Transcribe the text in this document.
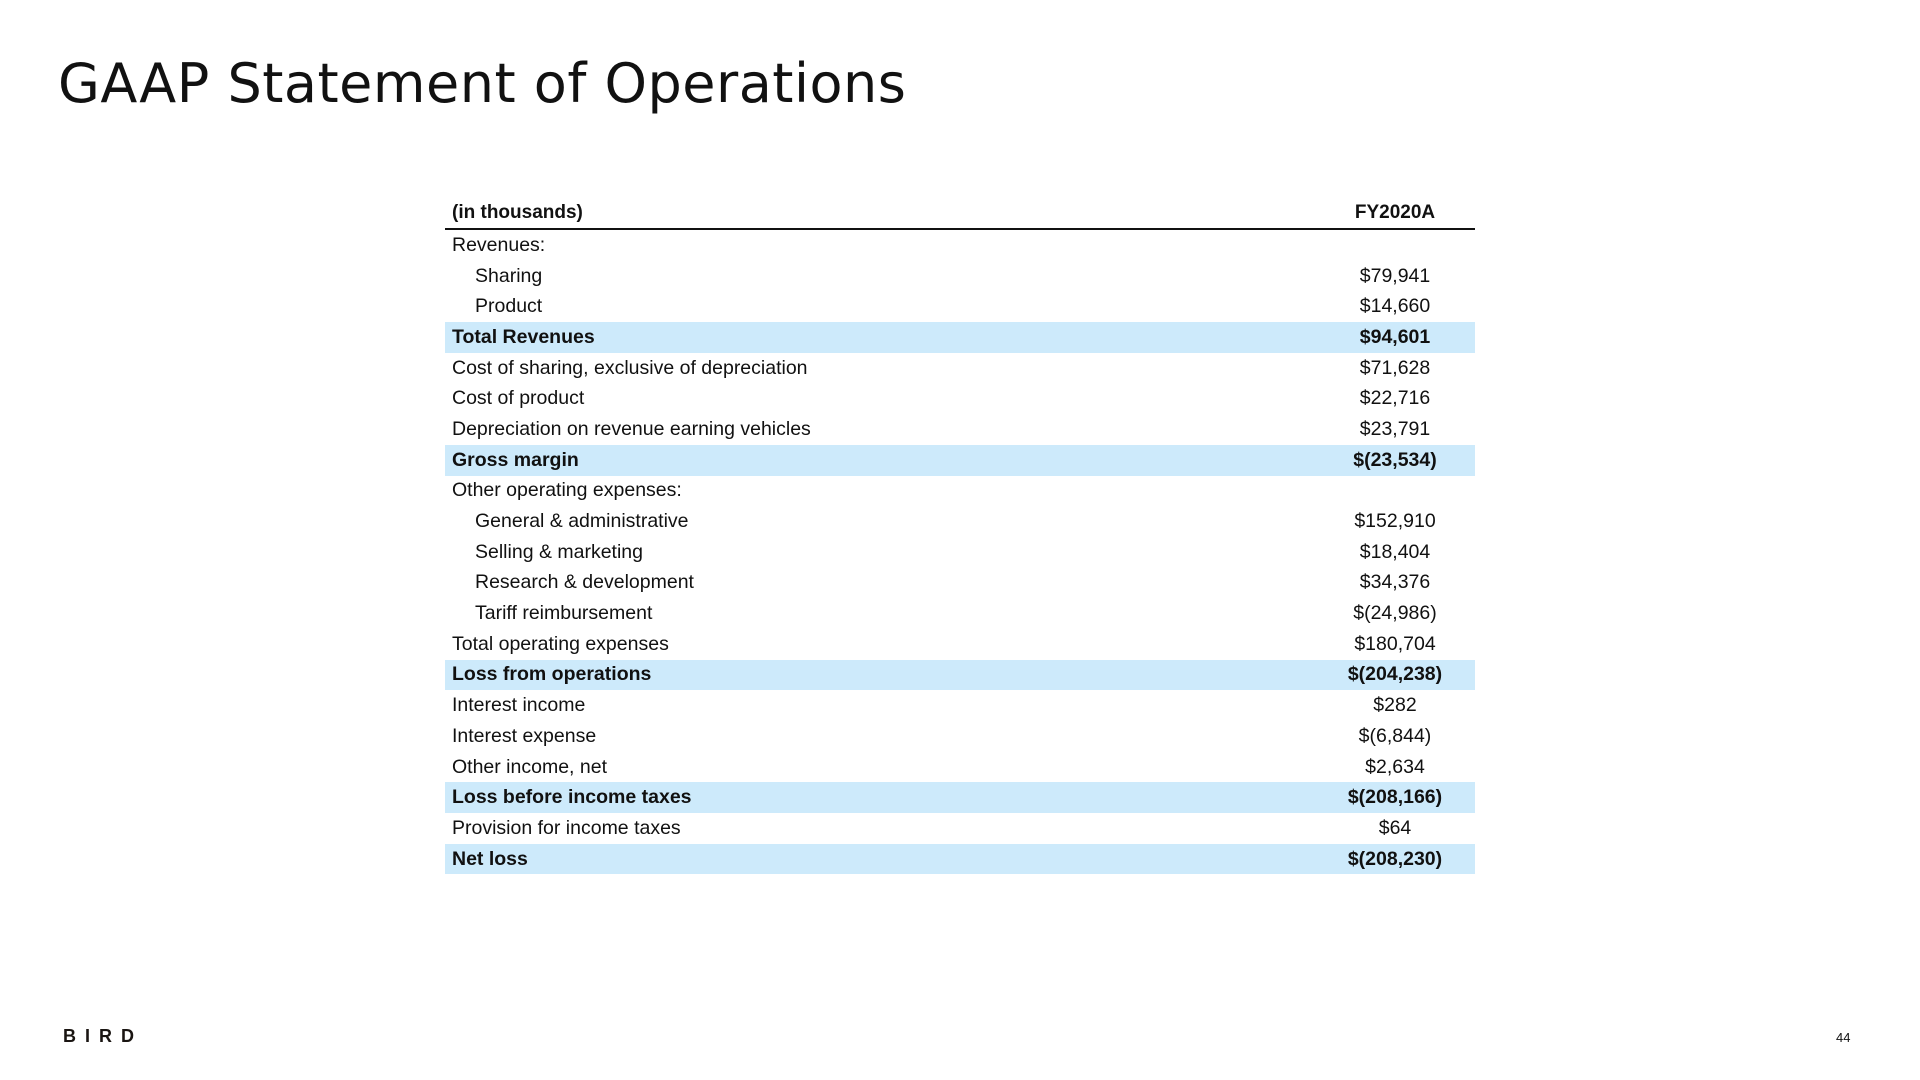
GAAP Statement of Operations
(in thousands)	FY2020A
Revenues:
Sharing	$79,941
Product	$14,660
Total Revenues	$94,601
Cost of sharing, exclusive of depreciation	$71,628
Cost of product	$22,716
Depreciation on revenue earning vehicles	$23,791
Gross margin	$(23,534)
Other operating expenses:
General & administrative	$152,910
Selling & marketing	$18,404
Research & development	$34,376
Tariff reimbursement	$(24,986)
Total operating expenses	$180,704
Loss from operations	$(204,238)
Interest income	$282
Interest expense	$(6,844)
Other income, net	$2,634
Loss before income taxes	$(208,166)
Provision for income taxes	$64
Net loss	$(208,230)
BIRD	44
